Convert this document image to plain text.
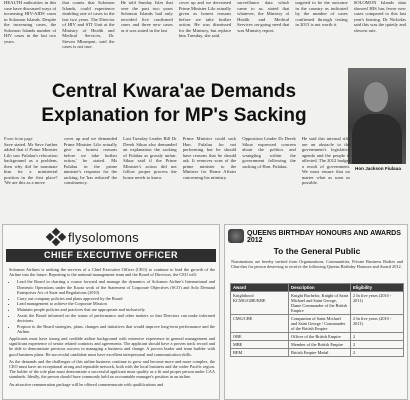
HEALTH authorities in this case have discussed ways of increasing HIV-AIDS cases in Solomon Islands. Despite the increasing cases, the Solomon Islands number of HIV cases in the last two years.
that counts that Solomon Islands, could experience doubling rate of cases in the last two years. The Director of HIV and STI Unit at the Ministry of Health and Medical Services, Dr. Steven Mbaeqeni, said the cases is not true.
He told Sunday Isles that over the past two years Solomon Islands had only recorded five confirmed cases and three new cases as it was stated in the last
cover up and we decreased Prime Minister Lilo actually given as honest reasons before we take further action. He was dismissed for the Ministry, but replace him Tuesday, she said.
surveillance data which came to as, stated that whatever, the Ministry of Health and Medical Services on-going need that was Ministry report.
targeted to be the outcome in the country as indicated by the number of cases confirmed through testing in 2013 is not worth it.
SOLOMON Islands data showed HIS has fewer new cases compared to this last year's hearing. Dr Nicholas said this was the quietly and slowest rate.
Central Kwara'ae Demands Explanation for MP's Sacking
Hon Jackson Fiulaua
From front page
Save stated. Mr Save further added that if Prime Minister Lilo saw Fulalau's relocation background as a problem, then why did he nominate him for a ministerial position in the first place? 'We are this as a move
cover up and we demanded Prime Minister Lilo actually give us honest reasons before we take further action,' he stated. Ms Fulalau in the prime minister's response for the sacking, he 'has reduced' the constituency.
Last Tuesday Leader Bill Dr Derek Sikua also demanded an explanation the sacking of Fulalau as grossly unfair. Sikua said if the Prime Minister's action did not follow proper process the house needs to know.
Prime Minister could sack Hon. Fulalau for not performing but he should have reasons that he should ask. It removes sons of the prime minister to the Minister for Home Affairs concerning his ministry.
Opposition Leader Dr Derek Sikua expressed concern about the politics and wrangling within the government following the sacking of Hon. Fulalau.
He said this internal rifts are an obstacle to the government's legislative agenda and the people is affected. The 2012 budget a result of government. We must ensure that no matter what as soon as possible.
flysolomons
CHIEF EXECUTIVE OFFICER

Solomon Airlines is seeking the services of a Chief Executive Officer (CEO) to continue to lead the growth of the Airline into the future. Reporting to the national management team and the Board of Directors, the CEO will:

• Lead the Board in charting a course forward and manage the dynamics of Solomon Airline's International and Domestic Operations under the Kaota work of the Statement of Corporate Objectives (SCO) and Solo Demand Enterprises Act of State and Regulations (2010)
• Carry out company policies and plans approved by the Board
• Lead management to achieve the Corporate Mission
• Maintain people policies and practices that are appropriate and inclusively.
• Assist the Board informed on the status of performance and other matters so that Directors can make informed decisions.
• Propose to the Board strategies, plans, changes and initiatives that would improve long-term performance and the Airline.

Applicants must have strong and credible airline background with extensive experience in general management and significant experience of senior related contracts and agreements. The applicant should have a proven track record and be able to demonstrate previous success in managing a business and change. A proven leader and team builder with good business plans. He successful candidate must have excellent interpersonal and communication skills.

As the demands and the challenges of this airline business continue to grow and become more and more complex, the CEO must have an exceptional strong and reputable network, both with the local business and the wider Pacific region. The holder of the role plan must demonstrate a successful applicant must qualify as a fit and proper person under CAA standards. Ideally, the person should have commonly held an accountable manager's position in an airline.

An attractive remuneration package will be offered commensurate with qualifications and

QUEENS BIRTHDAY HONOURS AND AWARDS 2012
To the General Public
Nominations are hereby invited from Organizations, Communities, Private Business Bodies and Churches for person deserving to receive the following Queens Birthday Honours and Award 2012.
Award	Description	Eligibility
Knighthood KCMG/GBE/KBE	Knight Bachelor, Knight of Saint Michael and Saint George, Dame Commander of the British Empire	2 In five years (2010 - 2011)
CMG/CBE	Companion of Saint Michael and Saint George / Commander of the British Empire	2 In five years (2010 - 2011)
OBE	Officer of the British Empire	2
MBE	Member of the British Empire	2
BEM	British Empire Medal	2
